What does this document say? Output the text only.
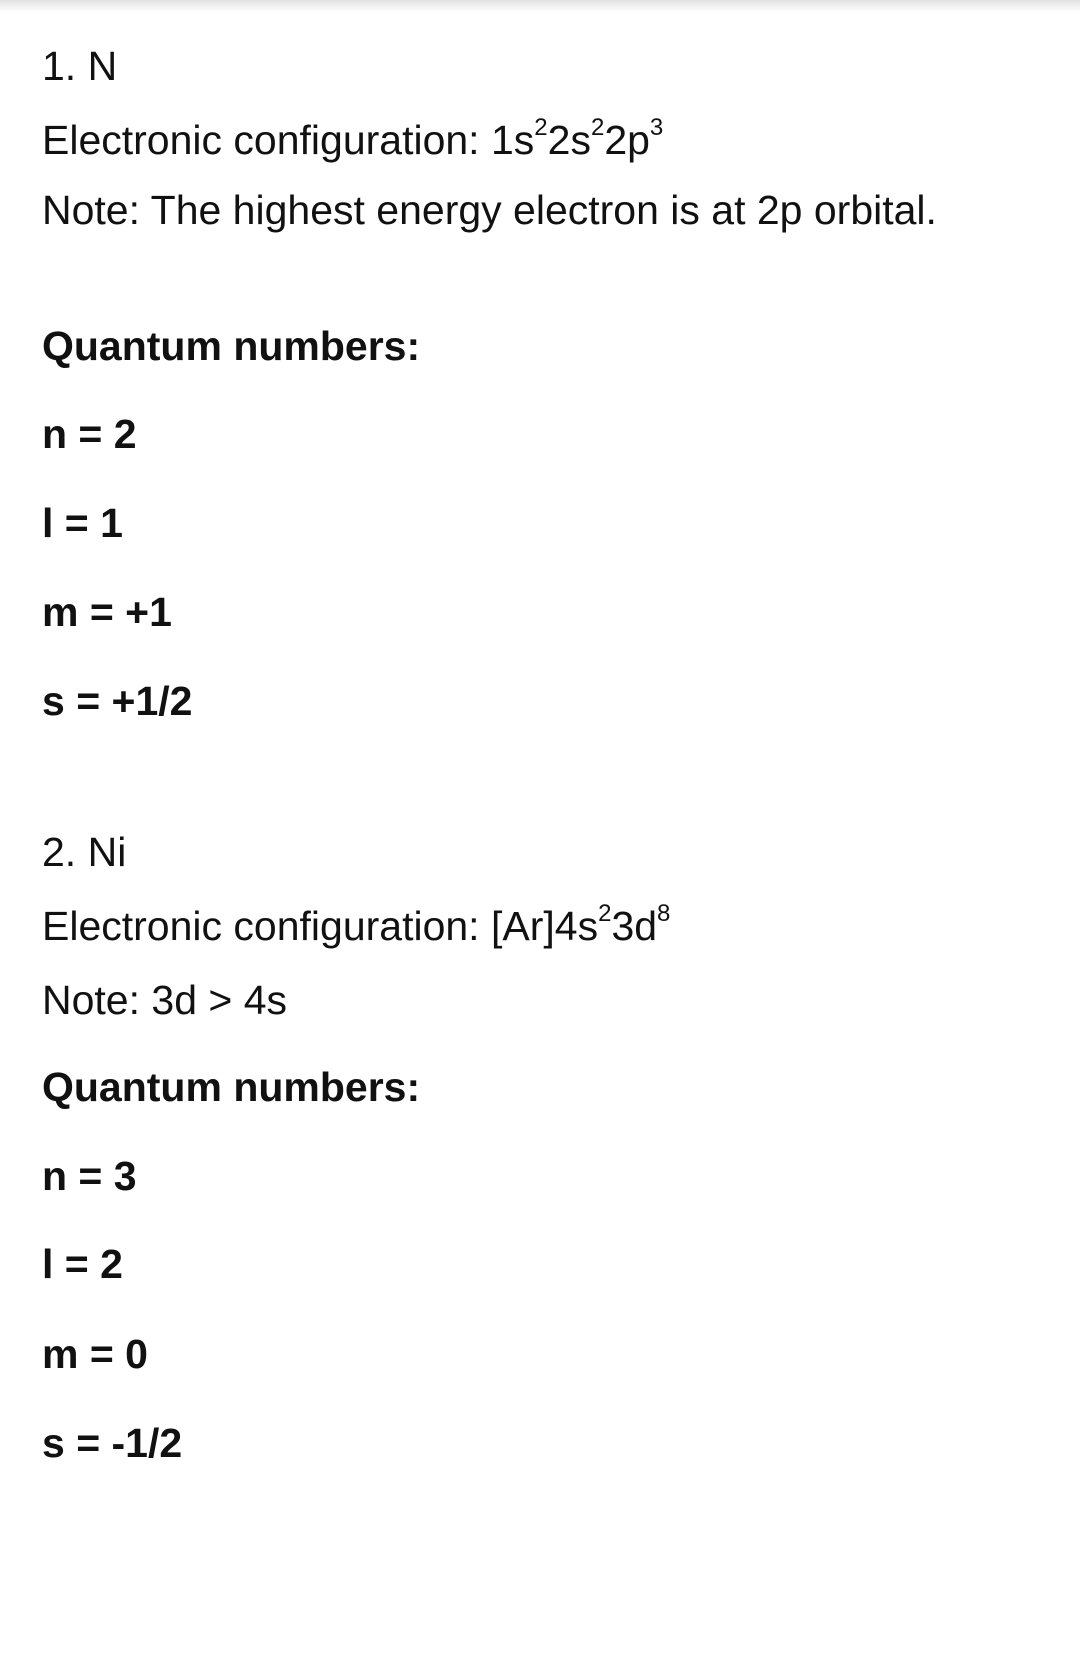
1. N

Electronic configuration: $1s^22s^22p^3$

Note: The highest energy electron is at 2p orbital.

Quantum numbers:

n = 2

l = 1

m = +1

s = +1/2

2. Ni

Electronic configuration: $[Ar]4s^23d^8$

Note: 3d > 4s

Quantum numbers:

n = 3

l = 2

m = 0

s = -1/2
